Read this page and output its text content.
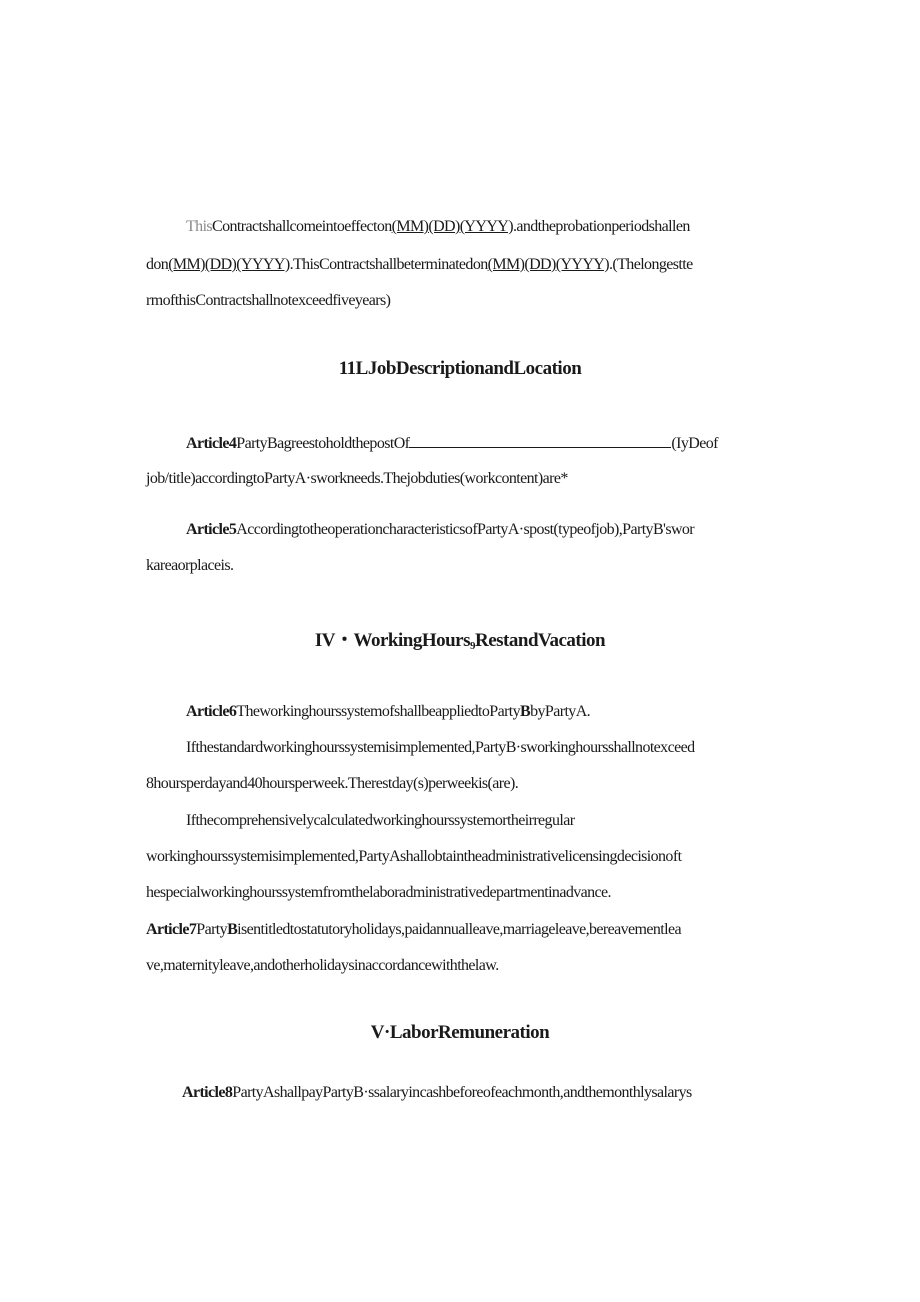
ThisContractshallcomeintoeffecton(MM)(DD)(YYYY).andtheprobationperiodshallen
don(MM)(DD)(YYYY).ThisContractshallbeterminatedon(MM)(DD)(YYYY).(Thelongestte
rmofthisContractshallnotexceedfiveyears)
11LJobDescriptionandLocation
Article4PartyBagreestoholdthepostOf	(IyDeof
job/title)accordingtoPartyA·sworkneeds.Thejobduties(workcontent)are*
Article5AccordingtotheoperationcharacteristicsofPartyA·spost(typeofjob),PartyB'swor
kareaorplaceis.
IV・WorkingHours$_9$RestandVacation
Article6TheworkinghourssystemofshallbeappliedtoPartyBbyPartyA.
Ifthestandardworkinghourssystemisimplemented,PartyB·sworkinghoursshallnotexceed
8hoursperdayand40hoursperweek.Therestday(s)perweekis(are).
Ifthecomprehensivelycalculatedworkinghourssystemortheirregular
workinghourssystemisimplemented,PartyAshallobtaintheadministrativelicensingdecisionoft
hespecialworkinghourssystemfromthelaboradministrativedepartmentinadvance.
Article7PartyBisentitledtostatutoryholidays,paidannualleave,marriageleave,bereavementlea
ve,maternityleave,andotherholidaysinaccordancewiththelaw.
V·LaborRemuneration
Article8PartyAshallpayPartyB·ssalaryincashbeforeofeachmonth,andthemonthlysalarys
